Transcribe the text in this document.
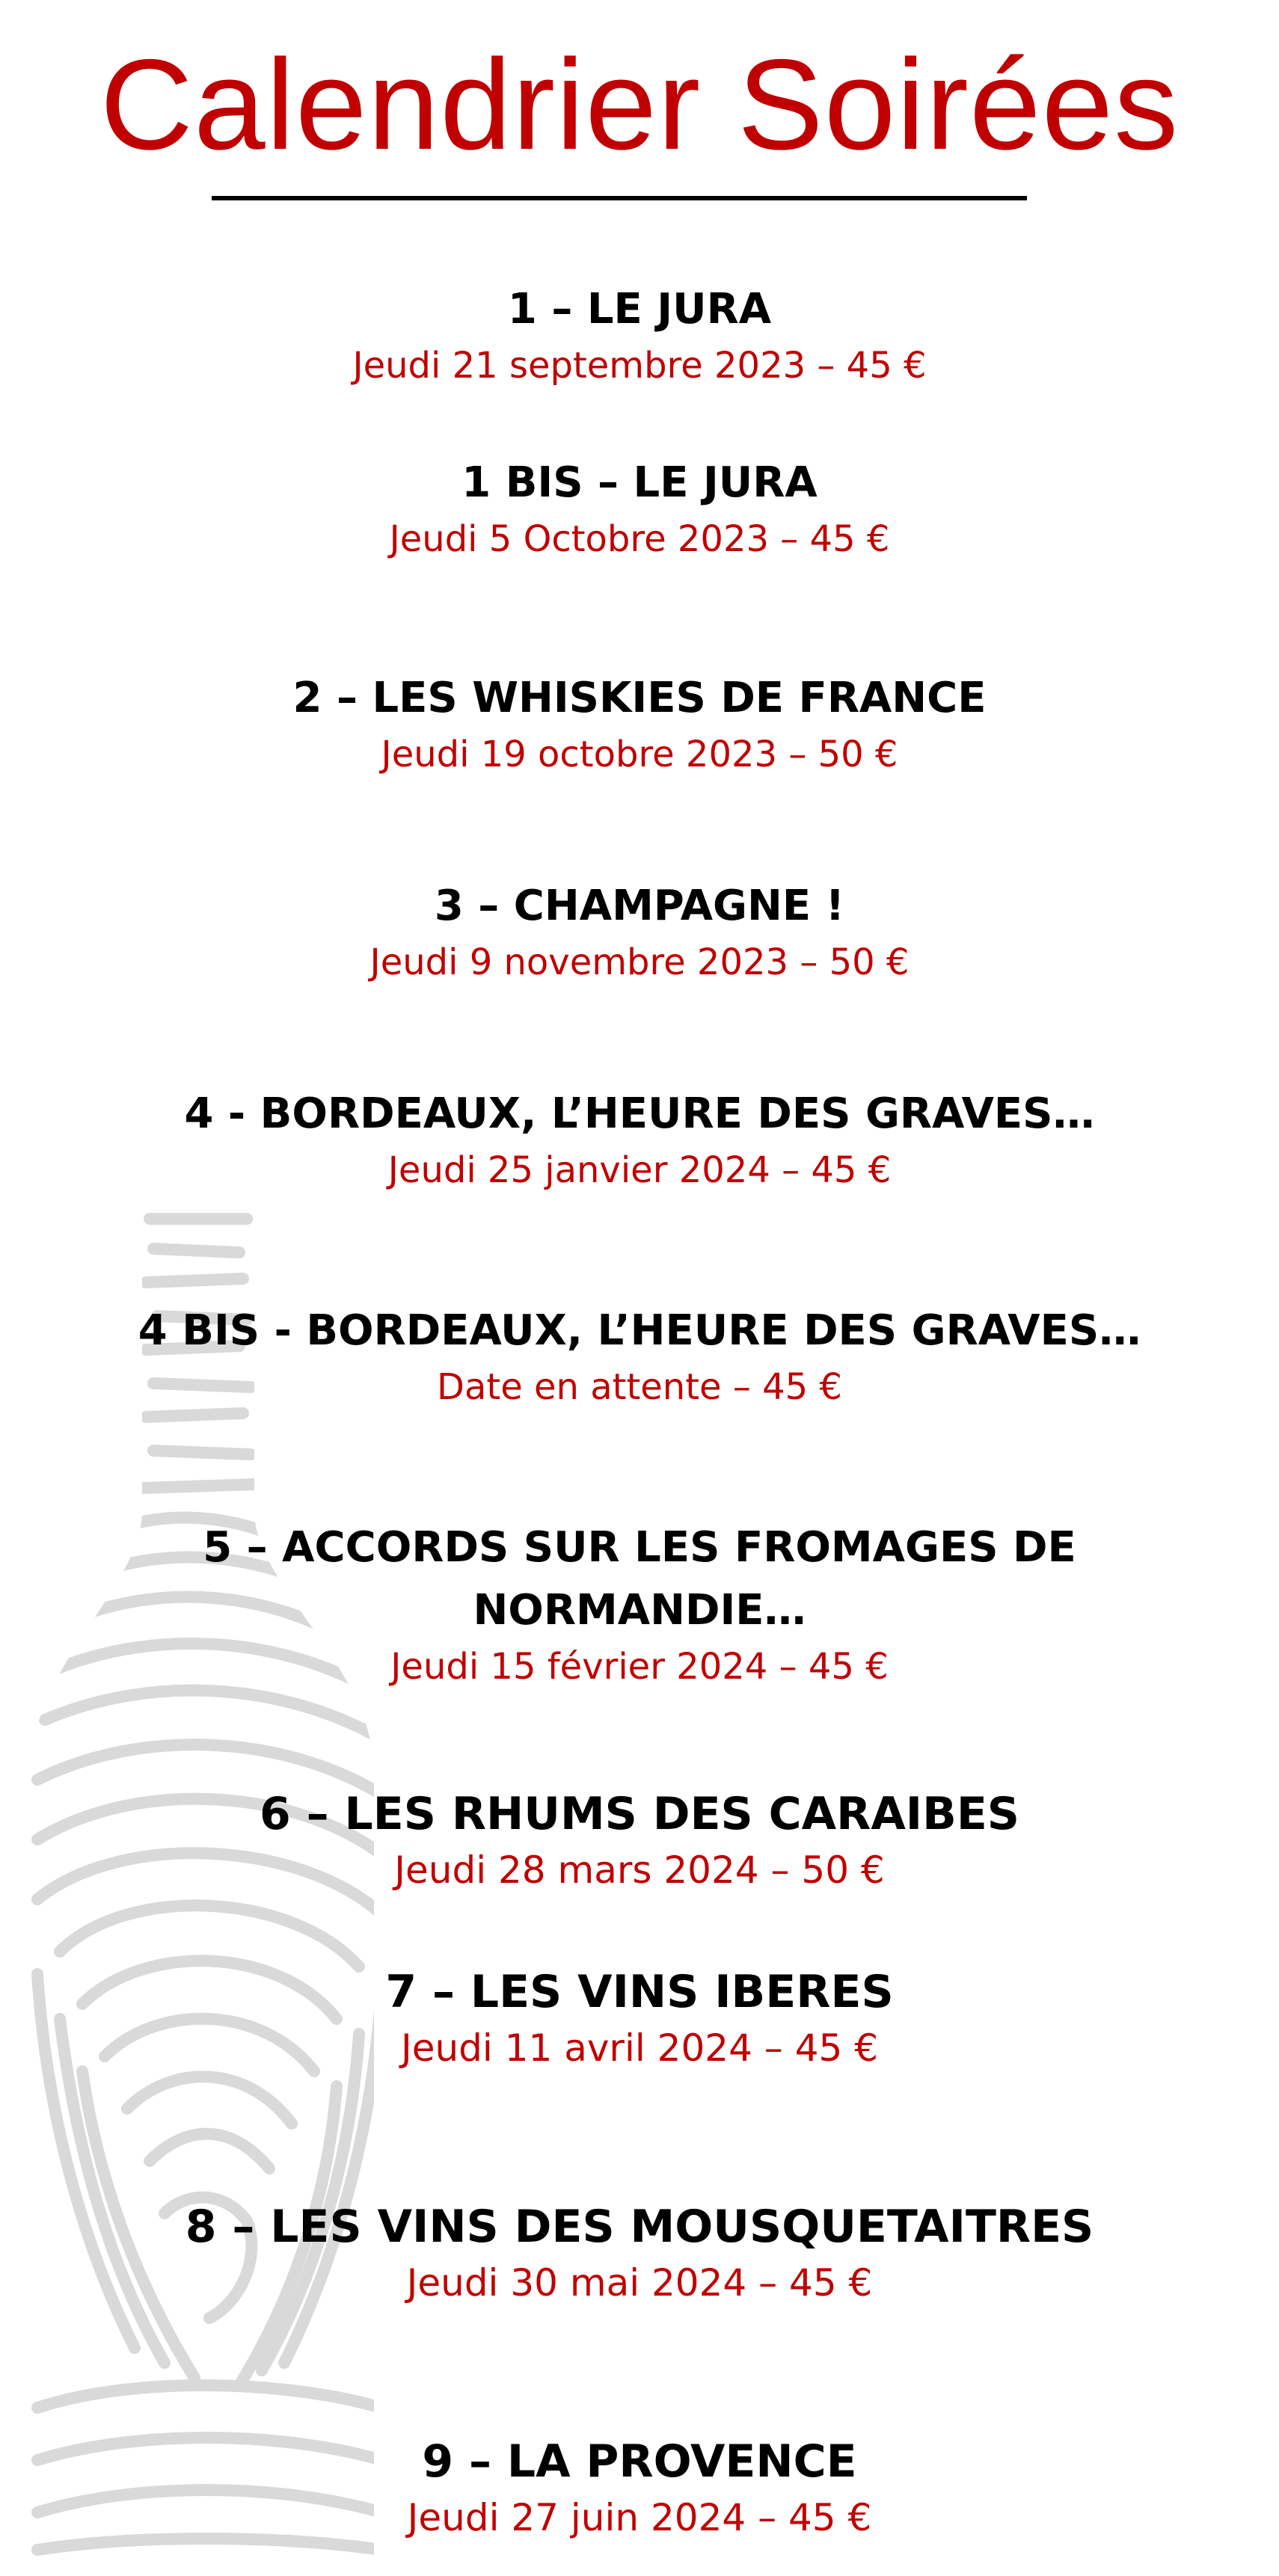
Calendrier Soirées
1 – LE JURA
Jeudi 21 septembre 2023 – 45 €
1 BIS – LE JURA
Jeudi 5 Octobre 2023 – 45 €
2 – LES WHISKIES DE FRANCE
Jeudi 19 octobre 2023 – 50 €
3 – CHAMPAGNE !
Jeudi 9 novembre 2023 – 50 €
4 - BORDEAUX, L’HEURE DES GRAVES…
Jeudi 25 janvier 2024 – 45 €
4 BIS - BORDEAUX, L’HEURE DES GRAVES…
Date en attente – 45 €
5 – ACCORDS SUR LES FROMAGES DE
NORMANDIE…
Jeudi 15 février 2024 – 45 €
6 – LES RHUMS DES CARAIBES
Jeudi 28 mars 2024 – 50 €
7 – LES VINS IBERES
Jeudi 11 avril 2024 – 45 €
8 – LES VINS DES MOUSQUETAITRES
Jeudi 30 mai 2024 – 45 €
9 – LA PROVENCE
Jeudi 27 juin 2024 – 45 €
